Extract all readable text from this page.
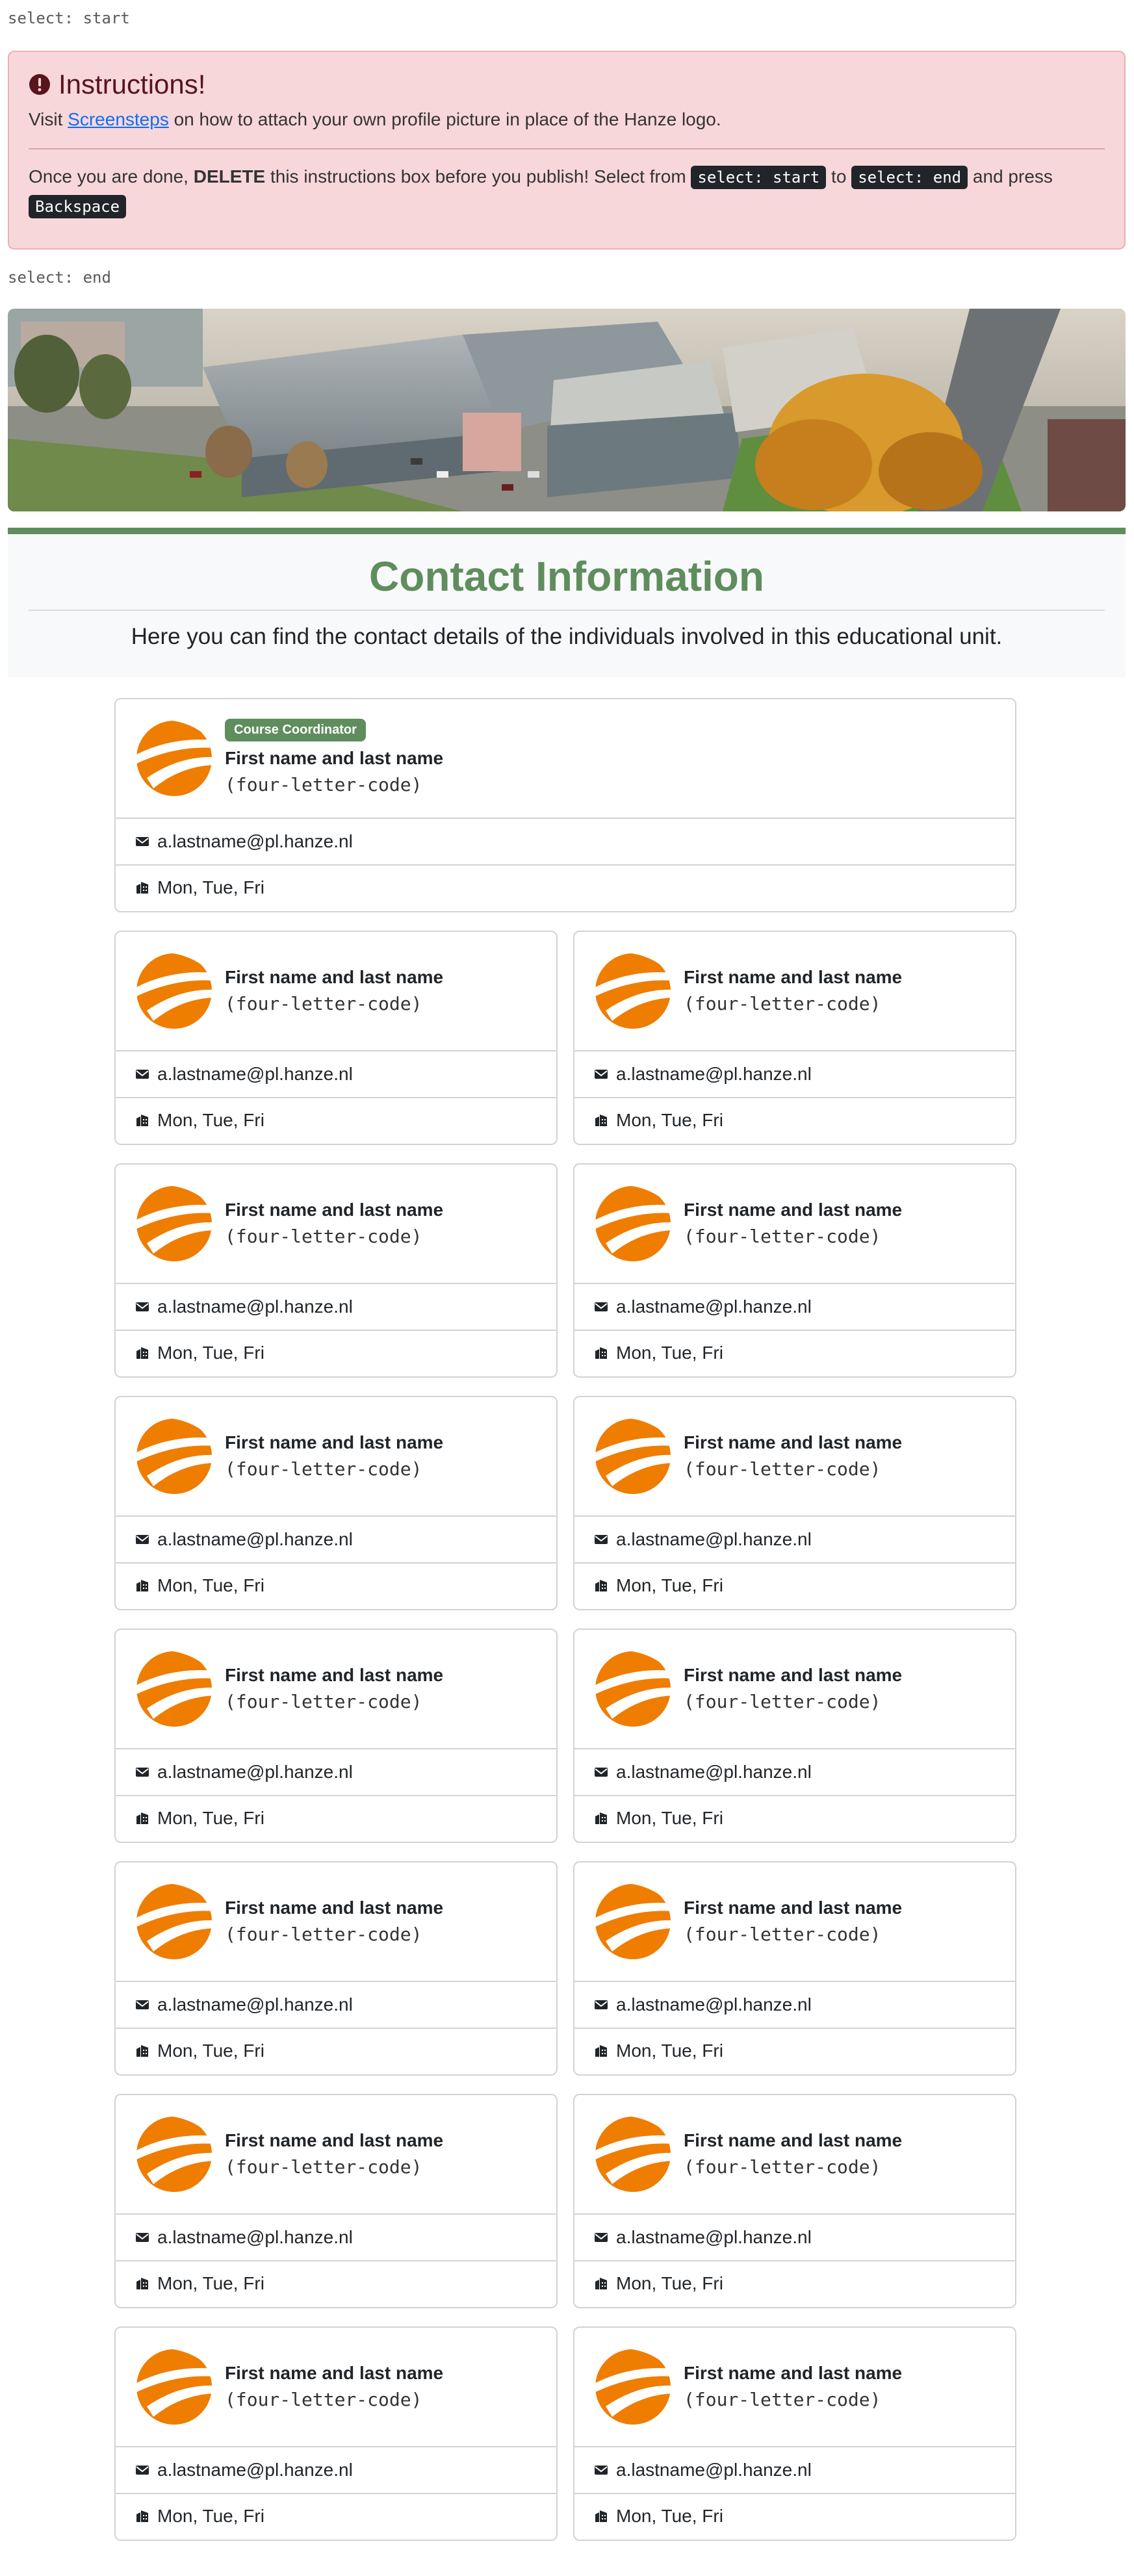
select: start
Instructions!
Visit Screensteps on how to attach your own profile picture in place of the Hanze logo.
Once you are done, DELETE this instructions box before you publish! Select from select: start to select: end and press Backspace
select: end
Contact Information

Here you can find the contact details of the individuals involved in this educational unit.

Course Coordinator
First name and last name
(four-letter-code)
a.lastname@pl.hanze.nl
Mon, Tue, Fri
First name and last name
(four-letter-code)
a.lastname@pl.hanze.nl
Mon, Tue, Fri
First name and last name
(four-letter-code)
a.lastname@pl.hanze.nl
Mon, Tue, Fri
First name and last name
(four-letter-code)
a.lastname@pl.hanze.nl
Mon, Tue, Fri
First name and last name
(four-letter-code)
a.lastname@pl.hanze.nl
Mon, Tue, Fri
First name and last name
(four-letter-code)
a.lastname@pl.hanze.nl
Mon, Tue, Fri
First name and last name
(four-letter-code)
a.lastname@pl.hanze.nl
Mon, Tue, Fri
First name and last name
(four-letter-code)
a.lastname@pl.hanze.nl
Mon, Tue, Fri
First name and last name
(four-letter-code)
a.lastname@pl.hanze.nl
Mon, Tue, Fri
First name and last name
(four-letter-code)
a.lastname@pl.hanze.nl
Mon, Tue, Fri
First name and last name
(four-letter-code)
a.lastname@pl.hanze.nl
Mon, Tue, Fri
First name and last name
(four-letter-code)
a.lastname@pl.hanze.nl
Mon, Tue, Fri
First name and last name
(four-letter-code)
a.lastname@pl.hanze.nl
Mon, Tue, Fri
First name and last name
(four-letter-code)
a.lastname@pl.hanze.nl
Mon, Tue, Fri
First name and last name
(four-letter-code)
a.lastname@pl.hanze.nl
Mon, Tue, Fri
